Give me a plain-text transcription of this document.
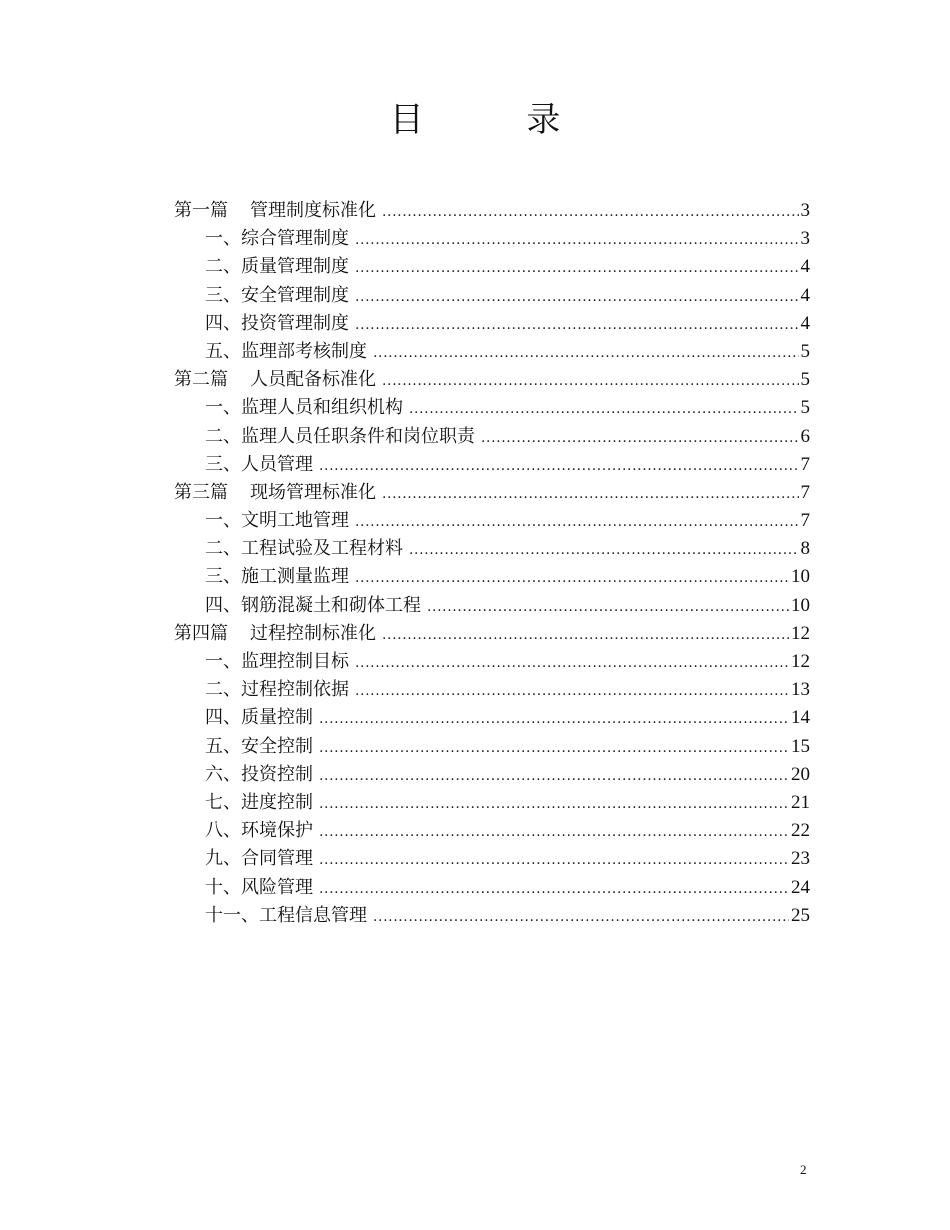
目 录
第一篇 管理制度标准化 .....	3
一、综合管理制度 .....	3
二、质量管理制度 .....	4
三、安全管理制度 .....	4
四、投资管理制度 .....	4
五、监理部考核制度 .....	5
第二篇 人员配备标准化 .....	5
一、监理人员和组织机构 .....	5
二、监理人员任职条件和岗位职责 .....	6
三、人员管理 .....	7
第三篇 现场管理标准化 .....	7
一、文明工地管理 .....	7
二、工程试验及工程材料 .....	8
三、施工测量监理 .....	10
四、钢筋混凝土和砌体工程 .....	10
第四篇 过程控制标准化 .....	12
一、监理控制目标 .....	12
二、过程控制依据 .....	13
四、质量控制 .....	14
五、安全控制 .....	15
六、投资控制 .....	20
七、进度控制 .....	21
八、环境保护 .....	22
九、合同管理 .....	23
十、风险管理 .....	24
十一、工程信息管理 .....	25
2
